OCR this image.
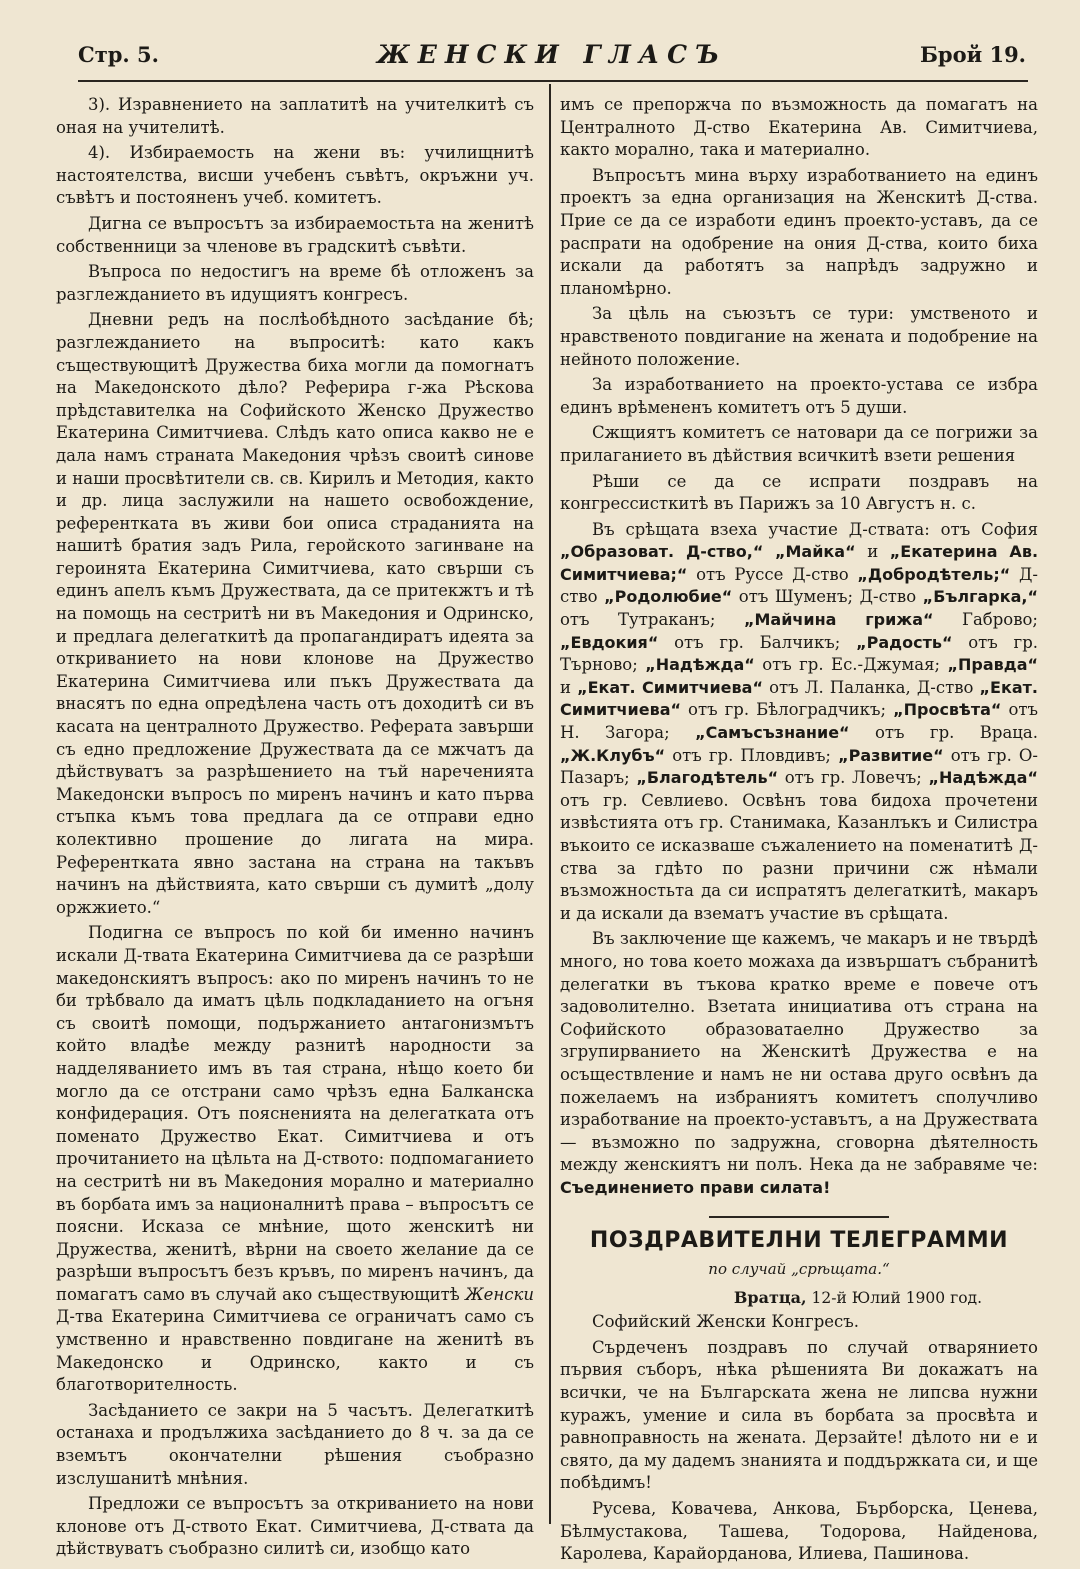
Стр. 5.	ЖЕНСКИ ГЛАСЪ	Брой 19.

3). Изравнението на заплатитѣ на учителкитѣ съ оная на учителитѣ.

4). Избираемость на жени въ: училищнитѣ настоятелства, висши учебенъ съвѣтъ, окръжни уч. съвѣтъ и постояненъ учеб. комитетъ.

Дигна се въпросътъ за избираемостьта на женитѣ собственници за членове въ градскитѣ съвѣти.

Въпроса по недостигъ на време бѣ отложенъ за разглежданието въ идущиятъ конгресъ.

Дневни редъ на послѣобѣдното засѣдание бѣ; разглежданието на въпроситѣ: като какъ съществующитѣ Дружества биха могли да помогнатъ на Македонското дѣло? Реферира г-жа Рѣскова прѣдставителка на Софийското Женско Дружество Екатерина Симитчиева. Слѣдъ като описа какво не е дала намъ страната Македония чрѣзъ своитѣ синове и наши просвѣтители св. св. Кирилъ и Методия, както и др. лица заслужили на нашето освобождение, референтката въ живи бои описа страданията на нашитѣ братия задъ Рила, геройското загинване на героинята Екатерина Симитчиева, като свърши съ единъ апелъ къмъ Дружествата, да се притекжтъ и тѣ на помощь на сестритѣ ни въ Македония и Одринско, и предлага делегаткитѣ да пропагандиратъ идеята за откриванието на нови клонове на Дружество Екатерина Симитчиева или пъкъ Дружествата да внасятъ по една опредѣлена часть отъ доходитѣ си въ касата на централното Дружество. Реферата завърши съ едно предложение Дружествата да се мжчатъ да дѣйствуватъ за разрѣшението на тъй нареченията Македонски въпросъ по миренъ начинъ и като първа стъпка къмъ това предлага да се отправи едно колективно прошение до лигата на мира. Референткатa явно застана на страна на такъвъ начинъ на дѣйствията, като свърши съ думитѣ „долу оржжието.“

Подигна се въпросъ по кой би именно начинъ искали Д-твата Екатерина Симитчиева да се разрѣши македонскиятъ въпросъ: ако по миренъ начинъ то не би трѣбвало да иматъ цѣль подкладанието на огъня съ своитѣ помощи, подържанието антагонизмътъ който владѣе между разнитѣ народности за надделяванието имъ въ тая страна, нѣщо което би могло да се отстрани само чрѣзъ една Балканска конфидерация. Отъ поясненията на делегатката отъ поменато Дружество Екат. Симитчиева и отъ прочитанието на цѣльта на Д-ството: подпомаганието на сестритѣ ни въ Македония морално и материално въ борбата имъ за националнитѣ права – въпросътъ се поясни. Исказа се мнѣние, щото женскитѣ ни Дружества, женитѣ, вѣрни на своето желание да се разрѣши въпросътъ безъ кръвъ, по миренъ начинъ, да помагатъ само въ случай ако съществующитѣ Женски Д-тва Екатерина Симитчиева се ограничатъ само съ умственно и нравственно повдигане на женитѣ въ Македонско и Одринско, както и съ благотворителность.

Засѣданието се закри на 5 часътъ. Делегаткитѣ останаха и продължиха засѣданието до 8 ч. за да се вземътъ окончателни рѣшения съобразно изслушанитѣ мнѣния.

Предложи се въпросътъ за откриванието на нови клонове отъ Д-ството Екат. Симитчиева, Д-ствата да дѣйствуватъ съобразно силитѣ си, изобщо като

имъ се препоржча по възможность да помагатъ на Централното Д-ство Екатерина Ав. Симитчиева, както морално, така и материално.

Въпросътъ мина върху изработванието на единъ проектъ за една организация на Женскитѣ Д-ства. Прие се да се изработи единъ проекто-уставъ, да се распрати на одобрение на ония Д-ства, които биха искали да работятъ за напрѣдъ задружно и планомѣрно.

За цѣль на съюзътъ се тури: умственото и нравственото повдигание на жената и подобрение на нейното положение.

За изработванието на проекто-устава се избра единъ врѣмененъ комитетъ отъ 5 души.

Сжщиятъ комитетъ се натовари да се погрижи за прилаганието въ дѣйствия всичкитѣ взети решения

Рѣши се да се испрати поздравъ на конгрессисткитѣ въ Парижъ за 10 Августъ н. с.

Въ срѣщата взеха участие Д-ствата: отъ София „Образоват. Д-ство,“ „Майка“ и „Екатерина Ав. Симитчиева;“ отъ Руссе Д-ство „Добродѣтель;“ Д-ство „Родолюбие“ отъ Шуменъ; Д-ство „Българка,“ отъ Тутраканъ; „Майчина грижа“ Габрово; „Евдокия“ отъ гр. Балчикъ; „Радость“ отъ гр. Търново; „Надѣжда“ отъ гр. Ес.-Джумая; „Правда“ и „Екат. Симитчиева“ отъ Л. Паланка, Д-ство „Екат. Симитчиева“ отъ гр. Бѣлоградчикъ; „Просвѣта“ отъ Н. Загора; „Самъсъзнание“ отъ гр. Враца. „Ж.Клубъ“ отъ гр. Пловдивъ; „Развитие“ отъ гр. О-Пазаръ; „Благодѣтель“ отъ гр. Ловечъ; „Надѣжда“ отъ гр. Севлиево. Освѣнъ това бидоха прочетени извѣстията отъ гр. Станимака, Казанлъкъ и Силистра въкоито се исказваше съжалението на поменатитѣ Д-ства за гдѣто по разни причини сж нѣмали възможностьта да си испратятъ делегаткитѣ, макаръ и да искали да взематъ участие въ срѣщата.

Въ заключение ще кажемъ, че макаръ и не твърдѣ много, но това което можаха да извършатъ събранитѣ делегатки въ тъкова кратко време е повече отъ задоволително. Взетата инициатива отъ страна на Софийското образоватаелно Дружество за згрупирванието на Женскитѣ Дружества е на осъществление и намъ не ни остава друго освѣнъ да пожелаемъ на избраниятъ комитетъ сполучливо изработвание на проекто-уставътъ, а на Дружествата — възможно по задружна, сговорна дѣятелность между женскиятъ ни полъ. Нека да не забравяме че: Съединението прави силата!

ПОЗДРАВИТЕЛНИ ТЕЛЕГРАММИ
по случай „срѣщата.“
Вратца, 12-й Юлий 1900 год.

Софийский Женски Конгресъ.

Сърдеченъ поздравъ по случай отварянието първия съборъ, нѣка рѣшенията Ви докажатъ на всички, че на Българската жена не липсва нужни куражъ, умение и сила въ борбата за просвѣта и равноправность на жената. Дерзайте! дѣлото ни е и свято, да му дадемъ знанията и поддържката си, и ще побѣдимъ!

Русева, Ковачева, Анкова, Бърборска, Ценева, Бѣлмустакова, Ташева, Тодорова, Найденова, Каролева, Карайорданова, Илиева, Пашинова.
